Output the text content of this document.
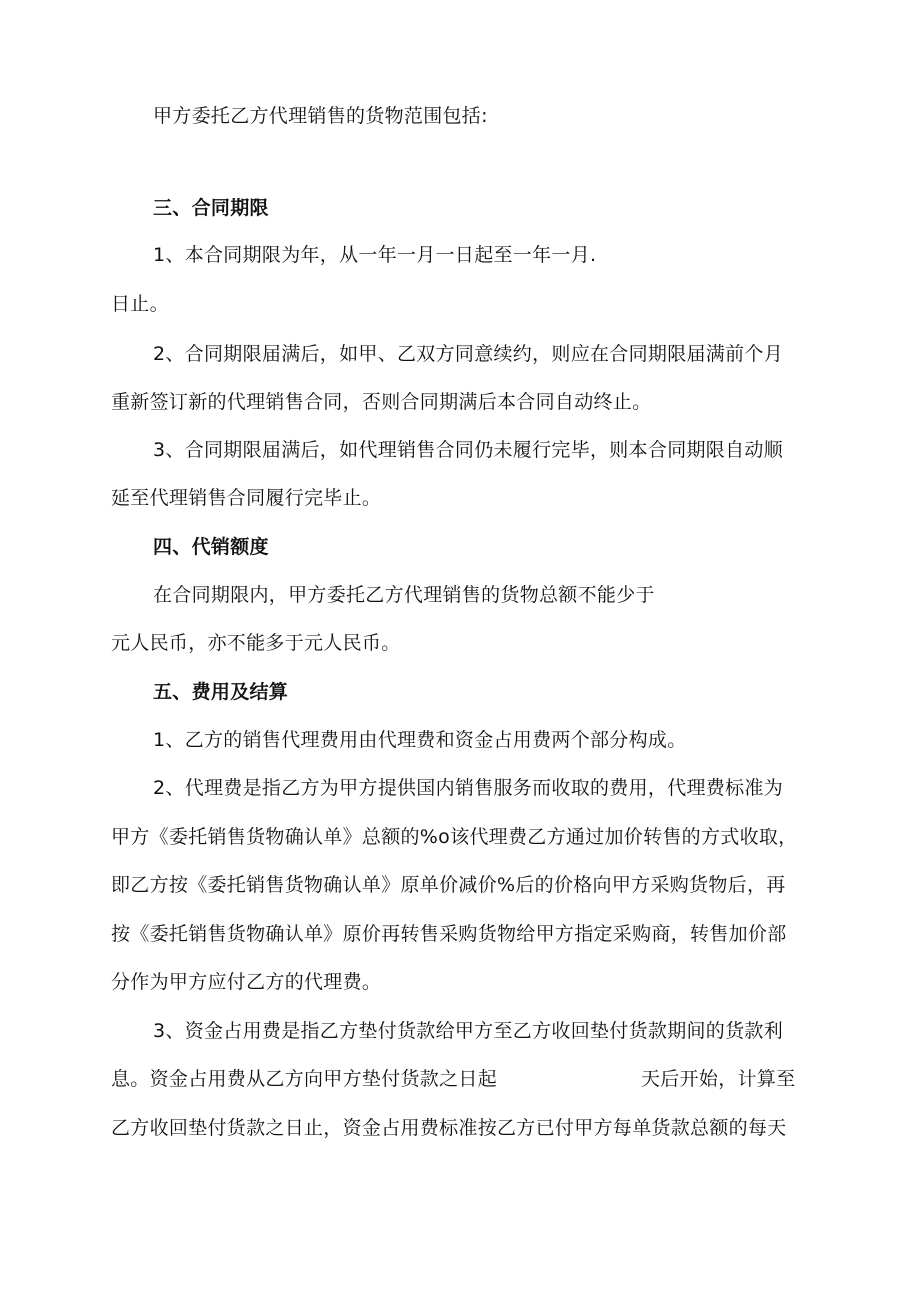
甲方委托乙方代理销售的货物范围包括:
三、合同期限
1、本合同期限为年，从一年一月一日起至一年一月.
日止。
2、合同期限届满后，如甲、乙双方同意续约，则应在合同期限届满前个月
重新签订新的代理销售合同，否则合同期满后本合同自动终止。
3、合同期限届满后，如代理销售合同仍未履行完毕，则本合同期限自动顺
延至代理销售合同履行完毕止。
四、代销额度
在合同期限内，甲方委托乙方代理销售的货物总额不能少于
元人民币，亦不能多于元人民币。
五、费用及结算
1、乙方的销售代理费用由代理费和资金占用费两个部分构成。
2、代理费是指乙方为甲方提供国内销售服务而收取的费用，代理费标准为
甲方《委托销售货物确认单》总额的%o该代理费乙方通过加价转售的方式收取，
即乙方按《委托销售货物确认单》原单价减价%后的价格向甲方采购货物后，再
按《委托销售货物确认单》原价再转售采购货物给甲方指定采购商，转售加价部
分作为甲方应付乙方的代理费。
3、资金占用费是指乙方垫付货款给甲方至乙方收回垫付货款期间的货款利
息。资金占用费从乙方向甲方垫付货款之日起	天后开始，计算至
乙方收回垫付货款之日止，资金占用费标准按乙方已付甲方每单货款总额的每天
